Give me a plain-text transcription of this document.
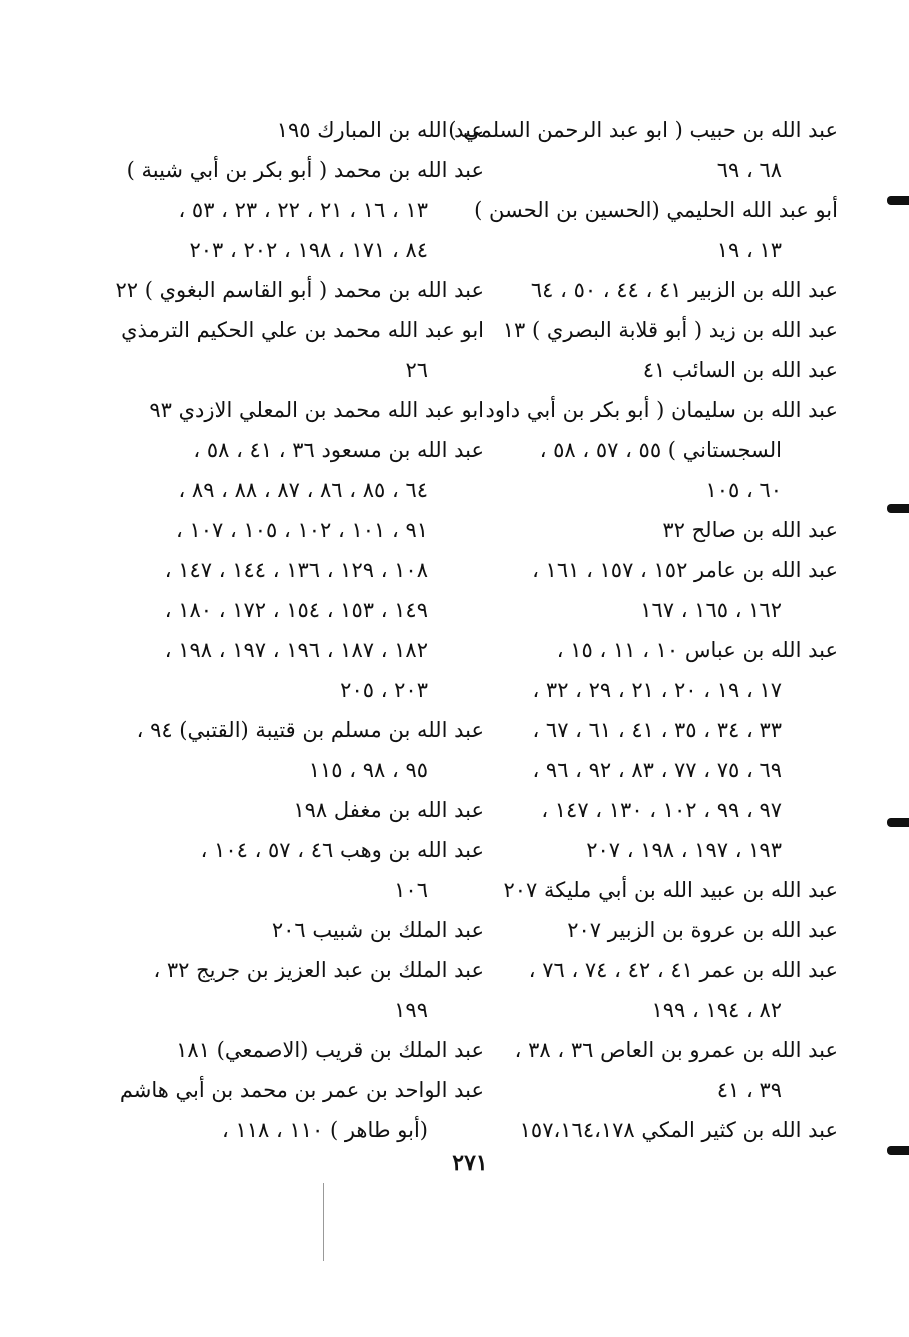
عبد الله بن حبيب ( ابو عبد الرحمن السلمي )
٦٨ ، ٦٩
أبو عبد الله الحليمي (الحسين بن الحسن )
١٣ ، ١٩
عبد الله بن الزبير ٤١ ، ٤٤ ، ٥٠ ، ٦٤
عبد الله بن زيد ( أبو قلابة البصري ) ١٣
عبد الله بن السائب ٤١
عبد الله بن سليمان ( أبو بكر بن أبي داود
السجستاني ) ٥٥ ، ٥٧ ، ٥٨ ،
٦٠ ، ١٠٥
عبد الله بن صالح ٣٢
عبد الله بن عامر ١٥٢ ، ١٥٧ ، ١٦١ ،
١٦٢ ، ١٦٥ ، ١٦٧
عبد الله بن عباس ١٠ ، ١١ ، ١٥ ،
١٧ ، ١٩ ، ٢٠ ، ٢١ ، ٢٩ ، ٣٢ ،
٣٣ ، ٣٤ ، ٣٥ ، ٤١ ، ٦١ ، ٦٧ ،
٦٩ ، ٧٥ ، ٧٧ ، ٨٣ ، ٩٢ ، ٩٦ ،
٩٧ ، ٩٩ ، ١٠٢ ، ١٣٠ ، ١٤٧ ،
١٩٣ ، ١٩٧ ، ١٩٨ ، ٢٠٧
عبد الله بن عبيد الله بن أبي مليكة ٢٠٧
عبد الله بن عروة بن الزبير ٢٠٧
عبد الله بن عمر ٤١ ، ٤٢ ، ٧٤ ، ٧٦ ،
٨٢ ، ١٩٤ ، ١٩٩
عبد الله بن عمرو بن العاص ٣٦ ، ٣٨ ،
٣٩ ، ٤١
عبد الله بن كثير المكي ١٥٧،١٦٤،١٧٨
عبد الله بن المبارك ١٩٥
عبد الله بن محمد ( أبو بكر بن أبي شيبة )
١٣ ، ١٦ ، ٢١ ، ٢٢ ، ٢٣ ، ٥٣ ،
٨٤ ، ١٧١ ، ١٩٨ ، ٢٠٢ ، ٢٠٣
عبد الله بن محمد ( أبو القاسم البغوي ) ٢٢
ابو عبد الله محمد بن علي الحكيم الترمذي
٢٦
ابو عبد الله محمد بن المعلي الازدي ٩٣
عبد الله بن مسعود ٣٦ ، ٤١ ، ٥٨ ،
٦٤ ، ٨٥ ، ٨٦ ، ٨٧ ، ٨٨ ، ٨٩ ،
٩١ ، ١٠١ ، ١٠٢ ، ١٠٥ ، ١٠٧ ،
١٠٨ ، ١٢٩ ، ١٣٦ ، ١٤٤ ، ١٤٧ ،
١٤٩ ، ١٥٣ ، ١٥٤ ، ١٧٢ ، ١٨٠ ،
١٨٢ ، ١٨٧ ، ١٩٦ ، ١٩٧ ، ١٩٨ ،
٢٠٣ ، ٢٠٥
عبد الله بن مسلم بن قتيبة (القتبي) ٩٤ ،
٩٥ ، ٩٨ ، ١١٥
عبد الله بن مغفل ١٩٨
عبد الله بن وهب ٤٦ ، ٥٧ ، ١٠٤ ،
١٠٦
عبد الملك بن شبيب ٢٠٦
عبد الملك بن عبد العزيز بن جريج ٣٢ ،
١٩٩
عبد الملك بن قريب (الاصمعي) ١٨١
عبد الواحد بن عمر بن محمد بن أبي هاشم
(أبو طاهر ) ١١٠ ، ١١٨ ،
٢٧١
